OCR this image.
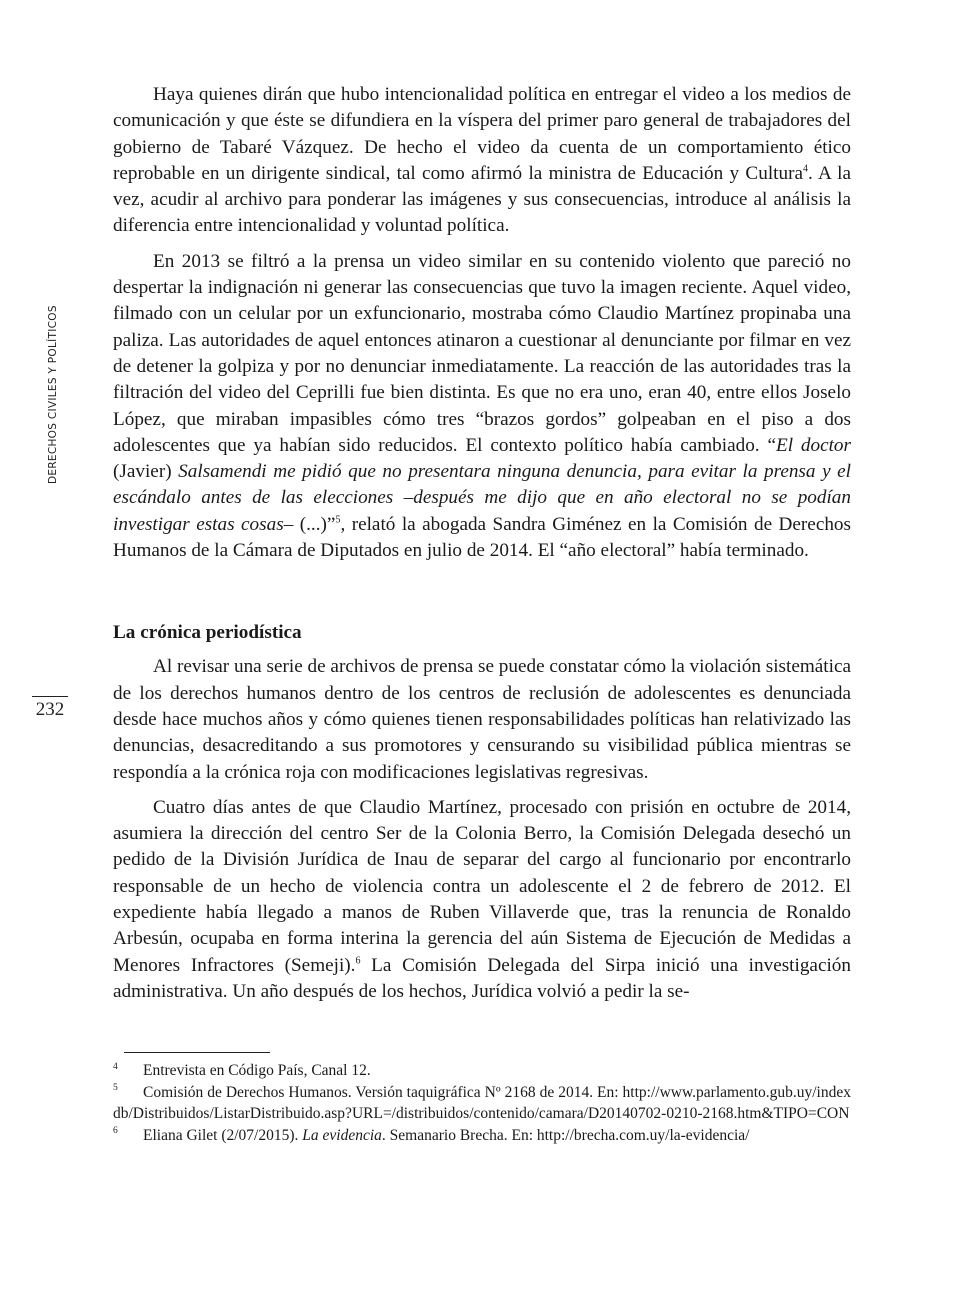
DERECHOS CIVILES Y POLÍTICOS
232

Haya quienes dirán que hubo intencionalidad política en entregar el video a los medios de comunicación y que éste se difundiera en la víspera del primer paro general de trabajadores del gobierno de Tabaré Vázquez. De hecho el video da cuenta de un comportamiento ético reprobable en un dirigente sindical, tal como afirmó la ministra de Educación y Cultura$^4$. A la vez, acudir al archivo para ponderar las imágenes y sus consecuencias, introduce al análisis la diferencia entre intencionalidad y voluntad política.

En 2013 se filtró a la prensa un video similar en su contenido violento que pareció no despertar la indignación ni generar las consecuencias que tuvo la imagen reciente. Aquel video, filmado con un celular por un exfuncionario, mostraba cómo Claudio Martínez propinaba una paliza. Las autoridades de aquel entonces atinaron a cuestionar al denunciante por filmar en vez de detener la golpiza y por no denunciar inmediatamente. La reacción de las autoridades tras la filtración del video del Ceprilli fue bien distinta. Es que no era uno, eran 40, entre ellos Joselo López, que miraban impasibles cómo tres “brazos gordos” golpeaban en el piso a dos adolescentes que ya habían sido reducidos. El contexto político había cambiado. “El doctor (Javier) Salsamendi me pidió que no presentara ninguna denuncia, para evitar la prensa y el escándalo antes de las elecciones –después me dijo que en año electoral no se podían investigar estas cosas– (...)”$^5$, relató la abogada Sandra Giménez en la Comisión de Derechos Humanos de la Cámara de Diputados en julio de 2014. El “año electoral” había terminado.

La crónica periodística

Al revisar una serie de archivos de prensa se puede constatar cómo la violación sistemática de los derechos humanos dentro de los centros de reclusión de adolescentes es denunciada desde hace muchos años y cómo quienes tienen responsabilidades políticas han relativizado las denuncias, desacreditando a sus promotores y censurando su visibilidad pública mientras se respondía a la crónica roja con modificaciones legislativas regresivas.

Cuatro días antes de que Claudio Martínez, procesado con prisión en octubre de 2014, asumiera la dirección del centro Ser de la Colonia Berro, la Comisión Delegada desechó un pedido de la División Jurídica de Inau de separar del cargo al funcionario por encontrarlo responsable de un hecho de violencia contra un adolescente el 2 de febrero de 2012. El expediente había llegado a manos de Ruben Villaverde que, tras la renuncia de Ronaldo Arbesún, ocupaba en forma interina la gerencia del aún Sistema de Ejecución de Medidas a Menores Infractores (Semeji).$^6$ La Comisión Delegada del Sirpa inició una investigación administrativa. Un año después de los hechos, Jurídica volvió a pedir la se-

4 Entrevista en Código País, Canal 12.
5 Comisión de Derechos Humanos. Versión taquigráfica Nº 2168 de 2014. En: http://www.parlamento.gub.uy/indexdb/Distribuidos/ListarDistribuido.asp?URL=/distribuidos/contenido/camara/D20140702-0210-2168.htm&TIPO=CON
6 Eliana Gilet (2/07/2015). La evidencia. Semanario Brecha. En: http://brecha.com.uy/la-evidencia/
